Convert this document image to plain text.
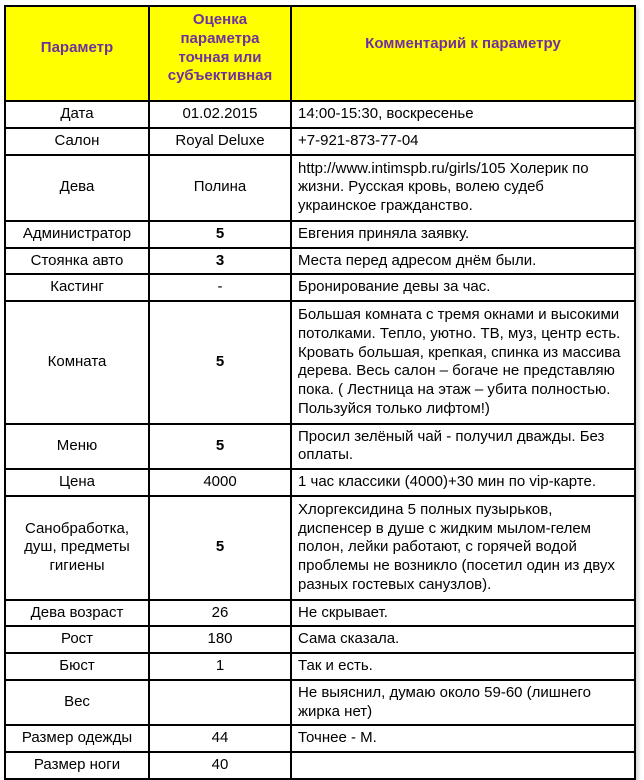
Параметр	Оценка параметра точная или субъективная	Комментарий к параметру
Дата	01.02.2015	14:00-15:30, воскресенье
Салон	Royal Deluxe	+7-921-873-77-04
Дева	Полина	http://www.intimspb.ru/girls/105 Холерик по жизни. Русская кровь, волею судеб украинское гражданство.
Администратор	5	Евгения приняла заявку.
Стоянка авто	3	Места перед адресом днём были.
Кастинг	-	Бронирование девы за час.
Комната	5	Большая комната с тремя окнами и высокими потолками. Тепло, уютно. ТВ, муз, центр есть. Кровать большая, крепкая, спинка из массива дерева. Весь салон – богаче не представляю пока. ( Лестница на этаж – убита полностью. Пользуйся только лифтом!)
Меню	5	Просил зелёный чай - получил дважды. Без оплаты.
Цена	4000	1 час классики (4000)+30 мин по vip-карте.
Санобработка, душ, предметы гигиены	5	Хлоргексидина 5 полных пузырьков, диспенсер в душе с жидким мылом-гелем полон, лейки работают, с горячей водой проблемы не возникло (посетил один из двух разных гостевых санузлов).
Дева возраст	26	Не скрывает.
Рост	180	Сама сказала.
Бюст	1	Так и есть.
Вес		Не выяснил, думаю около 59-60 (лишнего жирка нет)
Размер одежды	44	Точнее - М.
Размер ноги	40	
